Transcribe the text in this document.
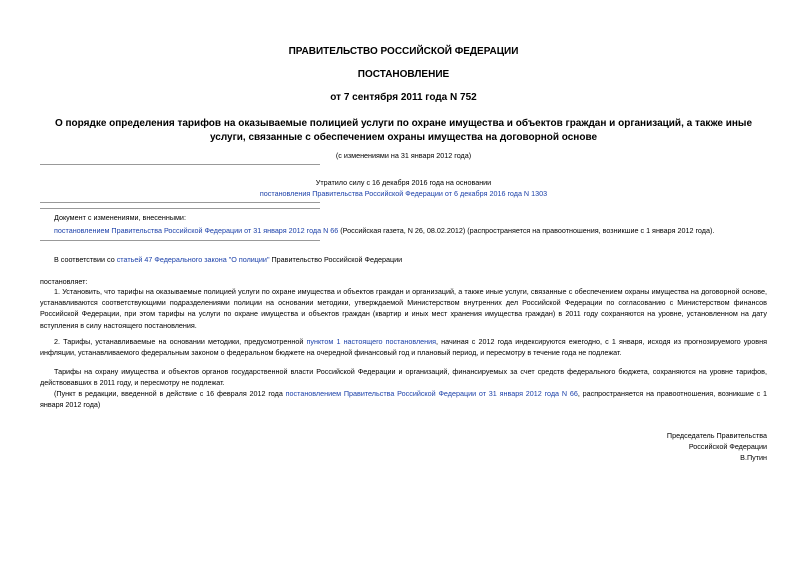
ПРАВИТЕЛЬСТВО РОССИЙСКОЙ ФЕДЕРАЦИИ
ПОСТАНОВЛЕНИЕ
от 7 сентября 2011 года N 752
О порядке определения тарифов на оказываемые полицией услуги по охране имущества и объектов граждан и организаций, а также иные услуги, связанные с обеспечением охраны имущества на договорной основе
(с изменениями на 31 января 2012 года)
Утратило силу с 16 декабря 2016 года на основании
постановления Правительства Российской Федерации от 6 декабря 2016 года N 1303
Документ с изменениями, внесенными:
постановлением Правительства Российской Федерации от 31 января 2012 года N 66 (Российская газета, N 26, 08.02.2012) (распространяется на правоотношения, возникшие с 1 января 2012 года).
В соответствии со статьей 47 Федерального закона "О полиции" Правительство Российской Федерации
постановляет:
1. Установить, что тарифы на оказываемые полицией услуги по охране имущества и объектов граждан и организаций, а также иные услуги, связанные с обеспечением охраны имущества на договорной основе, устанавливаются соответствующими подразделениями полиции на основании методики, утверждаемой Министерством внутренних дел Российской Федерации по согласованию с Министерством финансов Российской Федерации, при этом тарифы на услуги по охране имущества и объектов граждан (квартир и иных мест хранения имущества граждан) в 2011 году сохраняются на уровне, установленном на дату вступления в силу настоящего постановления.
2. Тарифы, устанавливаемые на основании методики, предусмотренной пунктом 1 настоящего постановления, начиная с 2012 года индексируются ежегодно, с 1 января, исходя из прогнозируемого уровня инфляции, устанавливаемого федеральным законом о федеральном бюджете на очередной финансовый год и плановый период, и пересмотру в течение года не подлежат.
Тарифы на охрану имущества и объектов органов государственной власти Российской Федерации и организаций, финансируемых за счет средств федерального бюджета, сохраняются на уровне тарифов, действовавших в 2011 году, и пересмотру не подлежат.
(Пункт в редакции, введенной в действие с 16 февраля 2012 года постановлением Правительства Российской Федерации от 31 января 2012 года N 66, распространяется на правоотношения, возникшие с 1 января 2012 года)
Председатель Правительства
Российской Федерации
В.Путин
